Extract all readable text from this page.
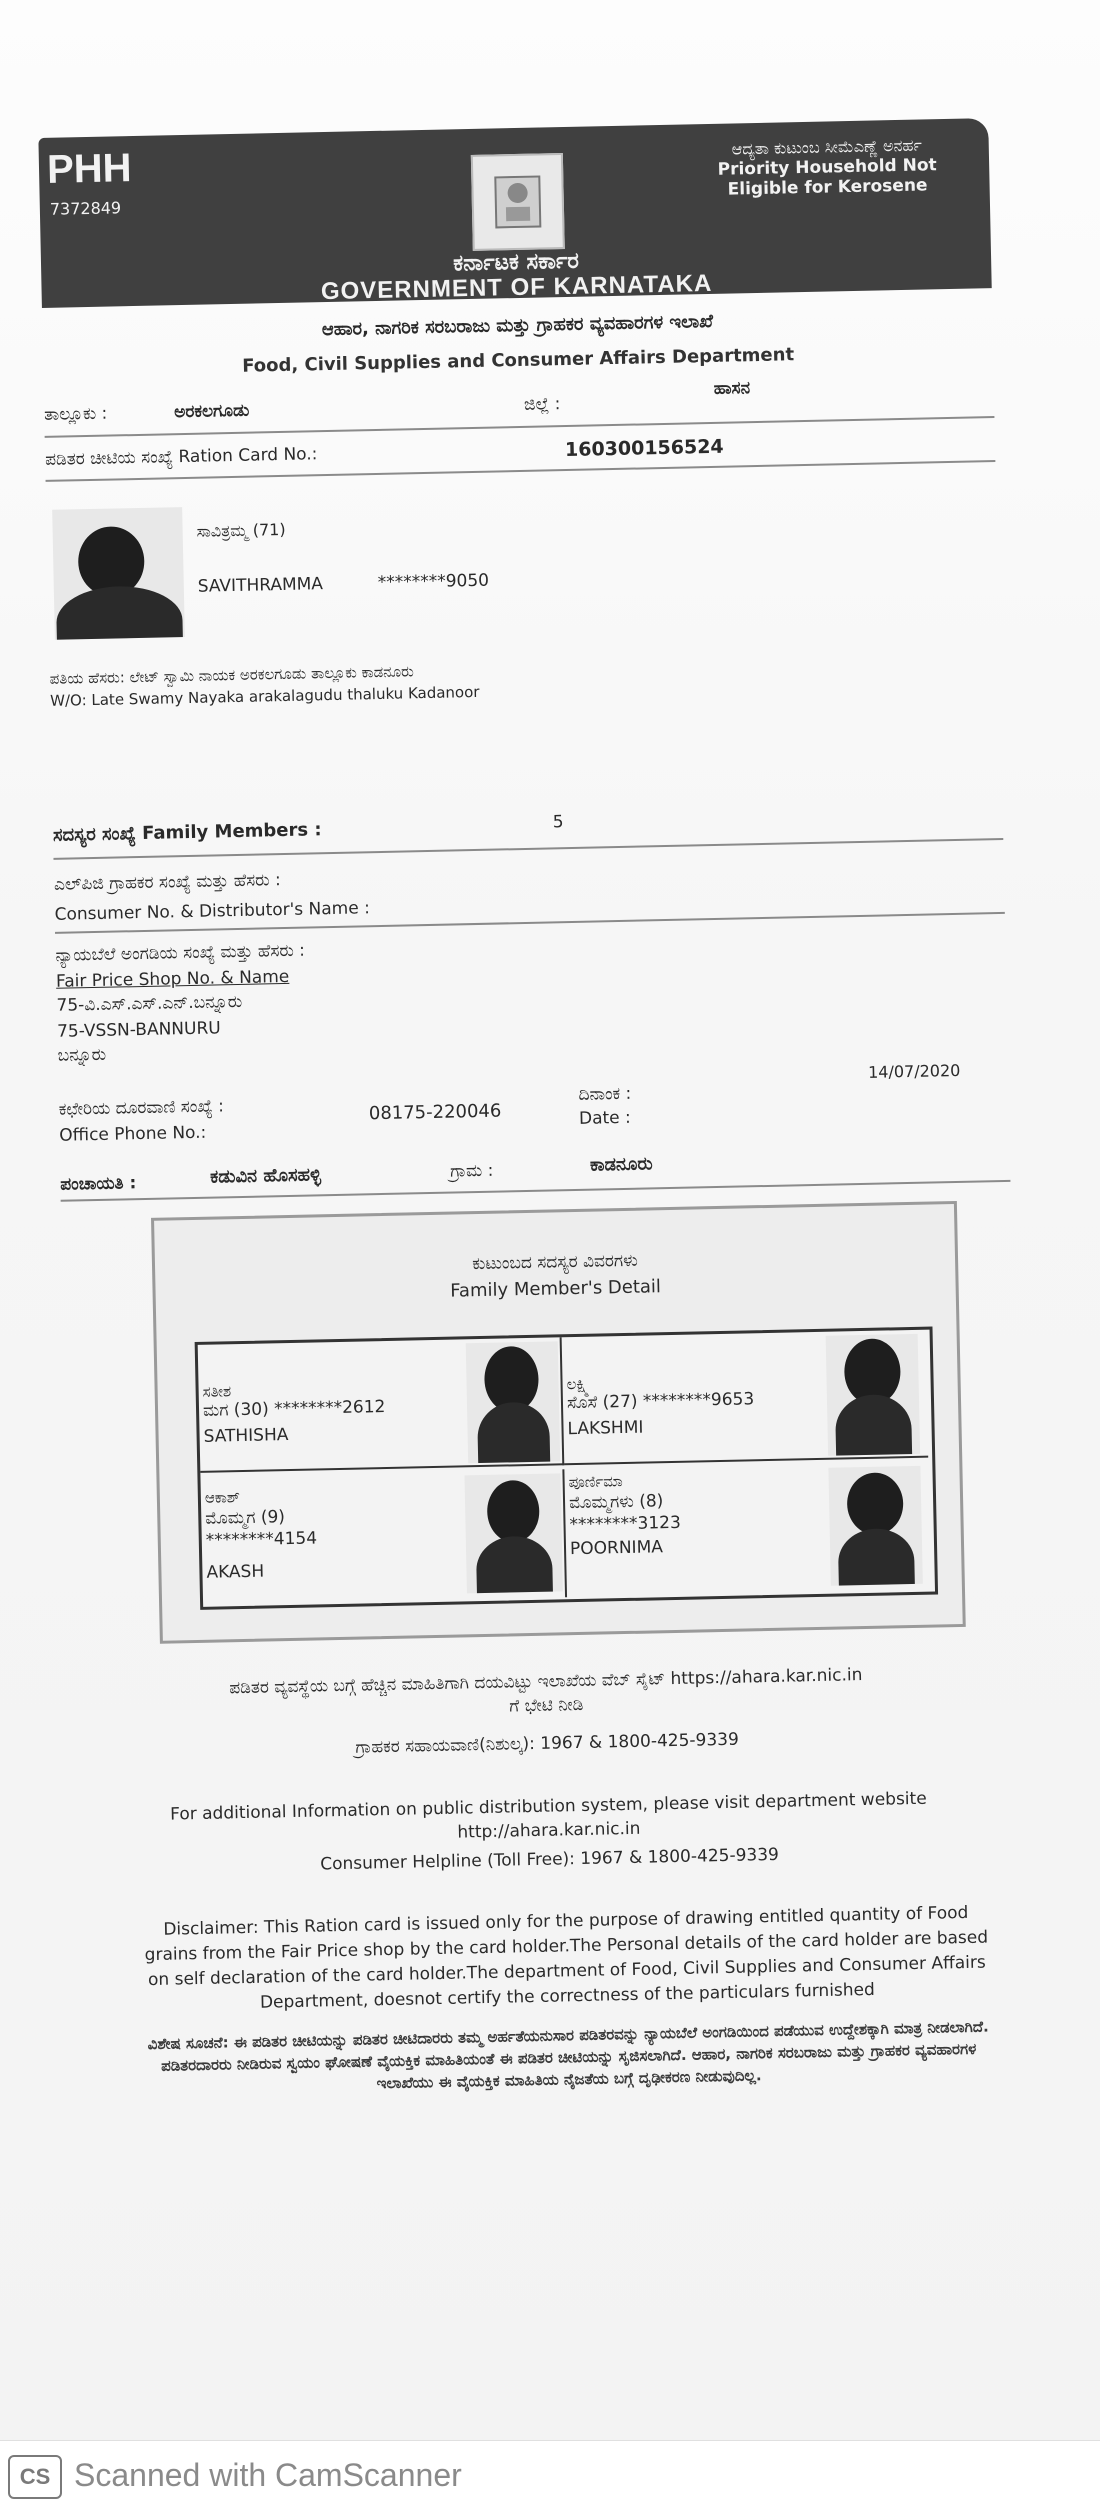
PHH
7372849
ಆದ್ಯತಾ ಕುಟುಂಬ ಸೀಮೆಎಣ್ಣೆ ಅನರ್ಹ
Priority Household Not
Eligible for Kerosene
ಕರ್ನಾಟಕ ಸರ್ಕಾರ
GOVERNMENT OF KARNATAKA
ಆಹಾರ, ನಾಗರಿಕ ಸರಬರಾಜು ಮತ್ತು ಗ್ರಾಹಕರ ವ್ಯವಹಾರಗಳ ಇಲಾಖೆ
Food, Civil Supplies and Consumer Affairs Department
ತಾಲ್ಲೂಕು :	ಅರಕಲಗೂಡು	ಜಿಲ್ಲೆ :
ಹಾಸನ
ಪಡಿತರ ಚೀಟಿಯ ಸಂಖ್ಯೆ Ration Card No.:	160300156524
ಸಾವಿತ್ರಮ್ಮ (71)
SAVITHRAMMA	********9050
ಪತಿಯ ಹೆಸರು: ಲೇಟ್ ಸ್ವಾಮಿ ನಾಯಕ ಅರಕಲಗೂಡು ತಾಲ್ಲೂಕು ಕಾಡನೂರು
W/O: Late Swamy Nayaka arakalagudu thaluku Kadanoor
ಸದಸ್ಯರ ಸಂಖ್ಯೆ Family Members :	5
ಎಲ್‌ಪಿಜಿ ಗ್ರಾಹಕರ ಸಂಖ್ಯೆ ಮತ್ತು ಹೆಸರು :
Consumer No. & Distributor's Name :
ನ್ಯಾಯಬೆಲೆ ಅಂಗಡಿಯ ಸಂಖ್ಯೆ ಮತ್ತು ಹೆಸರು :
Fair Price Shop No. & Name
75-ವಿ.ಎಸ್.ಎಸ್.ಎನ್.ಬನ್ನೂರು
75-VSSN-BANNURU
ಬನ್ನೂರು
ಕಛೇರಿಯ ದೂರವಾಣಿ ಸಂಖ್ಯೆ :
Office Phone No.:
08175-220046
ದಿನಾಂಕ :
Date :
14/07/2020
ಪಂಚಾಯತಿ :	ಕಡುವಿನ ಹೊಸಹಳ್ಳಿ	ಗ್ರಾಮ :	ಕಾಡನೂರು
ಕುಟುಂಬದ ಸದಸ್ಯರ ವಿವರಗಳು
Family Member's Detail
ಸತೀಶ
ಮಗ (30) ********2612
SATHISHA
ಲಕ್ಷ್ಮಿ
ಸೊಸೆ (27) ********9653
LAKSHMI
ಆಕಾಶ್
ಮೊಮ್ಮಗ (9)
********4154
AKASH
ಪೂರ್ಣಿಮಾ
ಮೊಮ್ಮಗಳು (8)
********3123
POORNIMA
ಪಡಿತರ ವ್ಯವಸ್ಥೆಯ ಬಗ್ಗೆ ಹೆಚ್ಚಿನ ಮಾಹಿತಿಗಾಗಿ ದಯವಿಟ್ಟು ಇಲಾಖೆಯ ವೆಬ್ ಸೈಟ್ https://ahara.kar.nic.in
ಗೆ ಭೇಟಿ ನೀಡಿ
ಗ್ರಾಹಕರ ಸಹಾಯವಾಣಿ(ನಿಶುಲ್ಕ): 1967 & 1800-425-9339
For additional Information on public distribution system, please visit department website
http://ahara.kar.nic.in
Consumer Helpline (Toll Free): 1967 & 1800-425-9339
Disclaimer: This Ration card is issued only for the purpose of drawing entitled quantity of Food grains from the Fair Price shop by the card holder.The Personal details of the card holder are based on self declaration of the card holder.The department of Food, Civil Supplies and Consumer Affairs Department, doesnot certify the correctness of the particulars furnished
ವಿಶೇಷ ಸೂಚನೆ: ಈ ಪಡಿತರ ಚೀಟಿಯನ್ನು ಪಡಿತರ ಚೀಟಿದಾರರು ತಮ್ಮ ಅರ್ಹತೆಯನುಸಾರ ಪಡಿತರವನ್ನು ನ್ಯಾಯಬೆಲೆ ಅಂಗಡಿಯಿಂದ ಪಡೆಯುವ ಉದ್ದೇಶಕ್ಕಾಗಿ ಮಾತ್ರ ನೀಡಲಾಗಿದೆ. ಪಡಿತರದಾರರು ನೀಡಿರುವ ಸ್ವಯಂ ಘೋಷಣೆ ವೈಯಕ್ತಿಕ ಮಾಹಿತಿಯಂತೆ ಈ ಪಡಿತರ ಚೀಟಿಯನ್ನು ಸೃಜಿಸಲಾಗಿದೆ. ಆಹಾರ, ನಾಗರಿಕ ಸರಬರಾಜು ಮತ್ತು ಗ್ರಾಹಕರ ವ್ಯವಹಾರಗಳ ಇಲಾಖೆಯು ಈ ವೈಯಕ್ತಿಕ ಮಾಹಿತಿಯ ನೈಜತೆಯ ಬಗ್ಗೆ ದೃಢೀಕರಣ ನೀಡುವುದಿಲ್ಲ.
CS Scanned with CamScanner
